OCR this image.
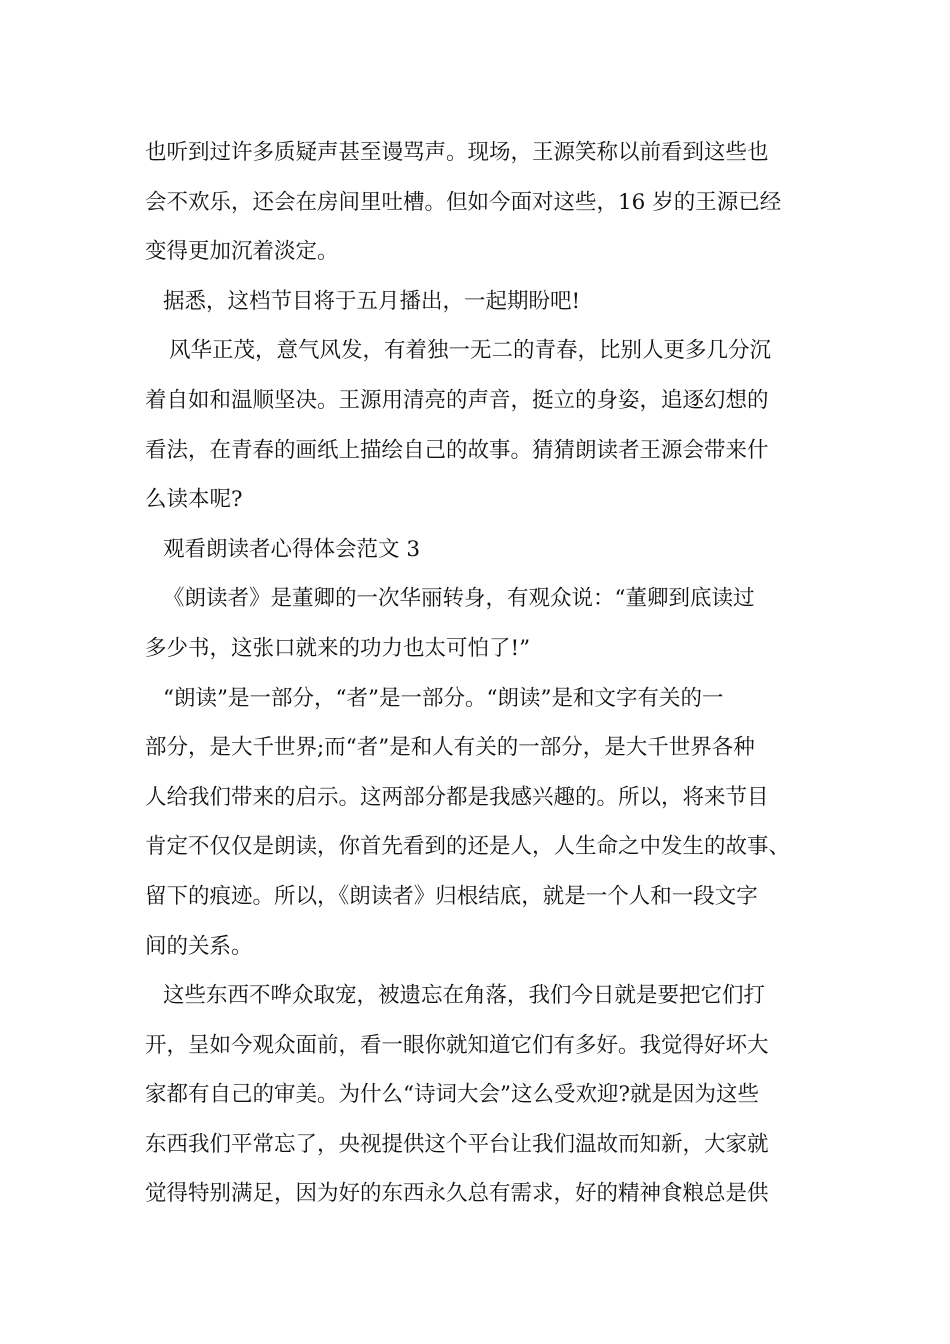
也听到过许多质疑声甚至谩骂声。现场，王源笑称以前看到这些也
会不欢乐，还会在房间里吐槽。但如今面对这些，16 岁的王源已经
变得更加沉着淡定。
据悉，这档节目将于五月播出，一起期盼吧!
风华正茂，意气风发，有着独一无二的青春，比别人更多几分沉
着自如和温顺坚决。王源用清亮的声音，挺立的身姿，追逐幻想的
看法，在青春的画纸上描绘自己的故事。猜猜朗读者王源会带来什
么读本呢?
观看朗读者心得体会范文 3
《朗读者》是董卿的一次华丽转身，有观众说：“董卿到底读过
多少书，这张口就来的功力也太可怕了!”
“朗读”是一部分，“者”是一部分。“朗读”是和文字有关的一
部分，是大千世界;而“者”是和人有关的一部分，是大千世界各种
人给我们带来的启示。这两部分都是我感兴趣的。所以，将来节目
肯定不仅仅是朗读，你首先看到的还是人，人生命之中发生的故事、
留下的痕迹。所以，《朗读者》归根结底，就是一个人和一段文字
间的关系。
这些东西不哗众取宠，被遗忘在角落，我们今日就是要把它们打
开，呈如今观众面前，看一眼你就知道它们有多好。我觉得好坏大
家都有自己的审美。为什么“诗词大会”这么受欢迎?就是因为这些
东西我们平常忘了，央视提供这个平台让我们温故而知新，大家就
觉得特别满足，因为好的东西永久总有需求，好的精神食粮总是供
